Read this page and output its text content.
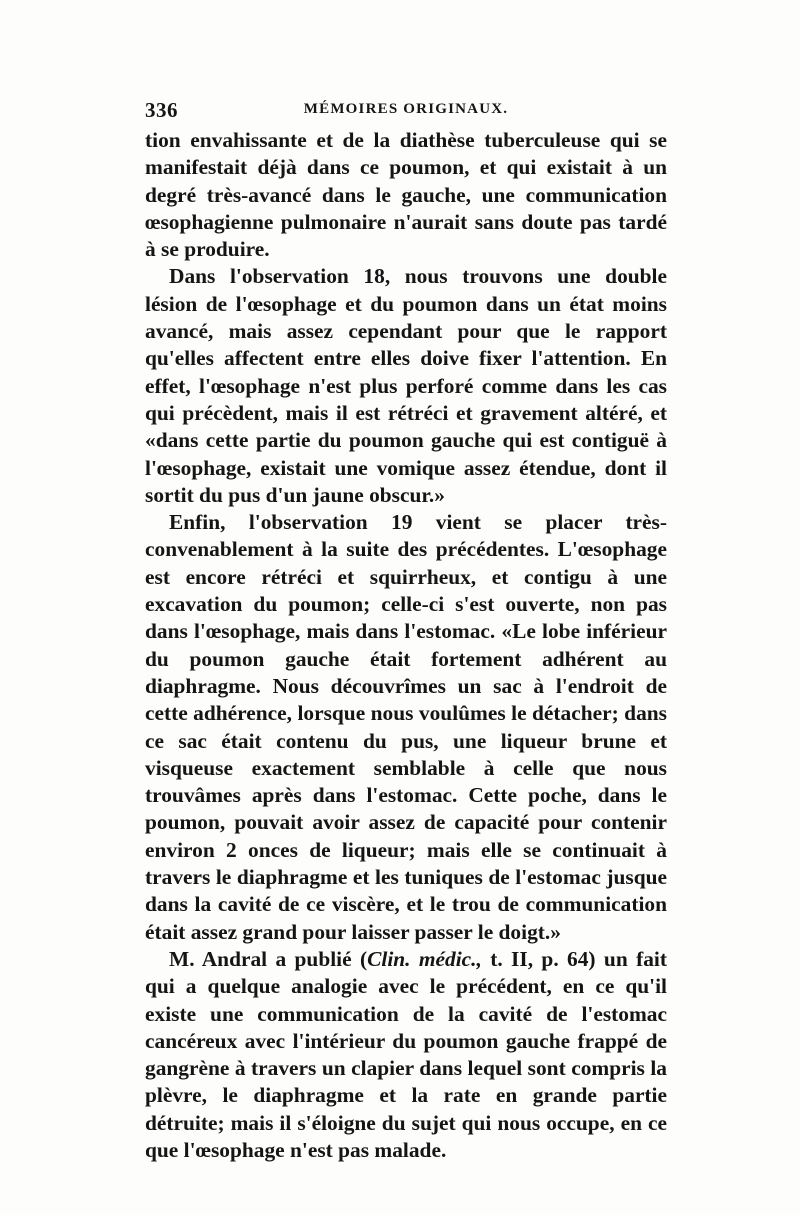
336	MÉMOIRES ORIGINAUX.

tion envahissante et de la diathèse tuberculeuse qui se manifestait déjà dans ce poumon, et qui existait à un degré très-avancé dans le gauche, une communication œsophagienne pulmonaire n'aurait sans doute pas tardé à se produire.

Dans l'observation 18, nous trouvons une double lésion de l'œsophage et du poumon dans un état moins avancé, mais assez cependant pour que le rapport qu'elles affectent entre elles doive fixer l'attention. En effet, l'œsophage n'est plus perforé comme dans les cas qui précèdent, mais il est rétréci et gravement altéré, et «dans cette partie du poumon gauche qui est contiguë à l'œsophage, existait une vomique assez étendue, dont il sortit du pus d'un jaune obscur.»

Enfin, l'observation 19 vient se placer très-convenablement à la suite des précédentes. L'œsophage est encore rétréci et squirrheux, et contigu à une excavation du poumon; celle-ci s'est ouverte, non pas dans l'œsophage, mais dans l'estomac. «Le lobe inférieur du poumon gauche était fortement adhérent au diaphragme. Nous découvrîmes un sac à l'endroit de cette adhérence, lorsque nous voulûmes le détacher; dans ce sac était contenu du pus, une liqueur brune et visqueuse exactement semblable à celle que nous trouvâmes après dans l'estomac. Cette poche, dans le poumon, pouvait avoir assez de capacité pour contenir environ 2 onces de liqueur; mais elle se continuait à travers le diaphragme et les tuniques de l'estomac jusque dans la cavité de ce viscère, et le trou de communication était assez grand pour laisser passer le doigt.»

M. Andral a publié (Clin. médic., t. II, p. 64) un fait qui a quelque analogie avec le précédent, en ce qu'il existe une communication de la cavité de l'estomac cancéreux avec l'intérieur du poumon gauche frappé de gangrène à travers un clapier dans lequel sont compris la plèvre, le diaphragme et la rate en grande partie détruite; mais il s'éloigne du sujet qui nous occupe, en ce que l'œsophage n'est pas malade.
